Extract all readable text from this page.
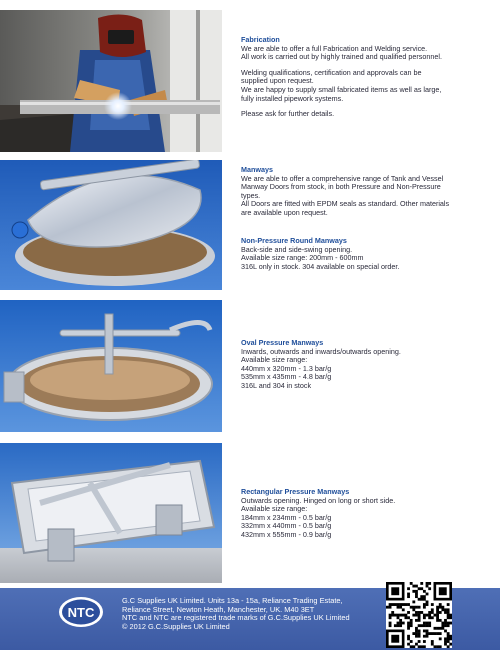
Fabrication

We are able to offer a full Fabrication and Welding service.
All work is carried out by highly trained and qualified personnel.

Welding qualifications, certification and approvals can be
supplied upon request.
We are happy to supply small fabricated items as well as large,
fully installed pipework systems.

Please ask for further details.

Manways

We are able to offer a comprehensive range of Tank and Vessel
Manway Doors from stock, in both Pressure and Non-Pressure
types.
All Doors are fitted with EPDM seals as standard. Other materials
are available upon request.

Non-Pressure Round Manways
Back-side and side-swing opening.
Available size range: 200mm - 600mm
316L only in stock. 304 available on special order.
Oval Pressure Manways
Inwards, outwards and inwards/outwards opening.
Available size range:
440mm x 320mm - 1.3 bar/g
535mm x 435mm - 4.8 bar/g
316L and 304 in stock
Rectangular Pressure Manways
Outwards opening. Hinged on long or short side.
Available size range:
184mm x 234mm - 0.5 bar/g
332mm x 440mm - 0.5 bar/g
432mm x 555mm - 0.9 bar/g
NTC
G.C Supplies UK Limited. Units 13a - 15a, Reliance Trading Estate,
Reliance Street, Newton Heath, Manchester, UK. M40 3ET
NTC and NTC are registered trade marks of G.C.Supplies UK Limited
© 2012 G.C.Supplies UK Limited
